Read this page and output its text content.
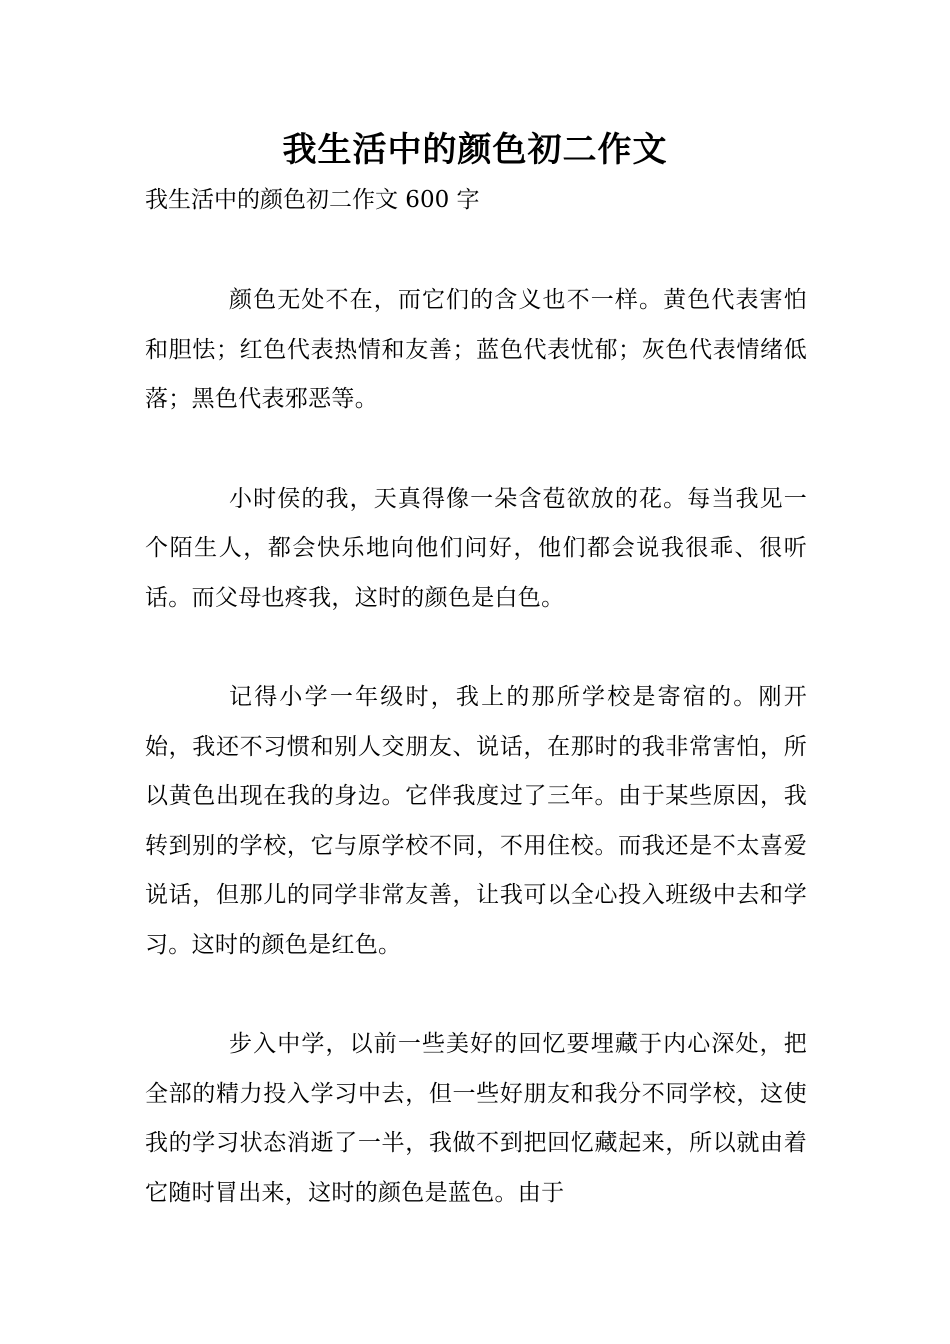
我生活中的颜色初二作文

我生活中的颜色初二作文 600 字

颜色无处不在，而它们的含义也不一样。黄色代表害怕和胆怯；红色代表热情和友善；蓝色代表忧郁；灰色代表情绪低落；黑色代表邪恶等。

小时侯的我，天真得像一朵含苞欲放的花。每当我见一个陌生人，都会快乐地向他们问好，他们都会说我很乖、很听话。而父母也疼我，这时的颜色是白色。

记得小学一年级时，我上的那所学校是寄宿的。刚开始，我还不习惯和别人交朋友、说话，在那时的我非常害怕，所以黄色出现在我的身边。它伴我度过了三年。由于某些原因，我转到别的学校，它与原学校不同，不用住校。而我还是不太喜爱说话，但那儿的同学非常友善，让我可以全心投入班级中去和学习。这时的颜色是红色。

步入中学，以前一些美好的回忆要埋藏于内心深处，把全部的精力投入学习中去，但一些好朋友和我分不同学校，这使我的学习状态消逝了一半，我做不到把回忆藏起来，所以就由着它随时冒出来，这时的颜色是蓝色。由于
